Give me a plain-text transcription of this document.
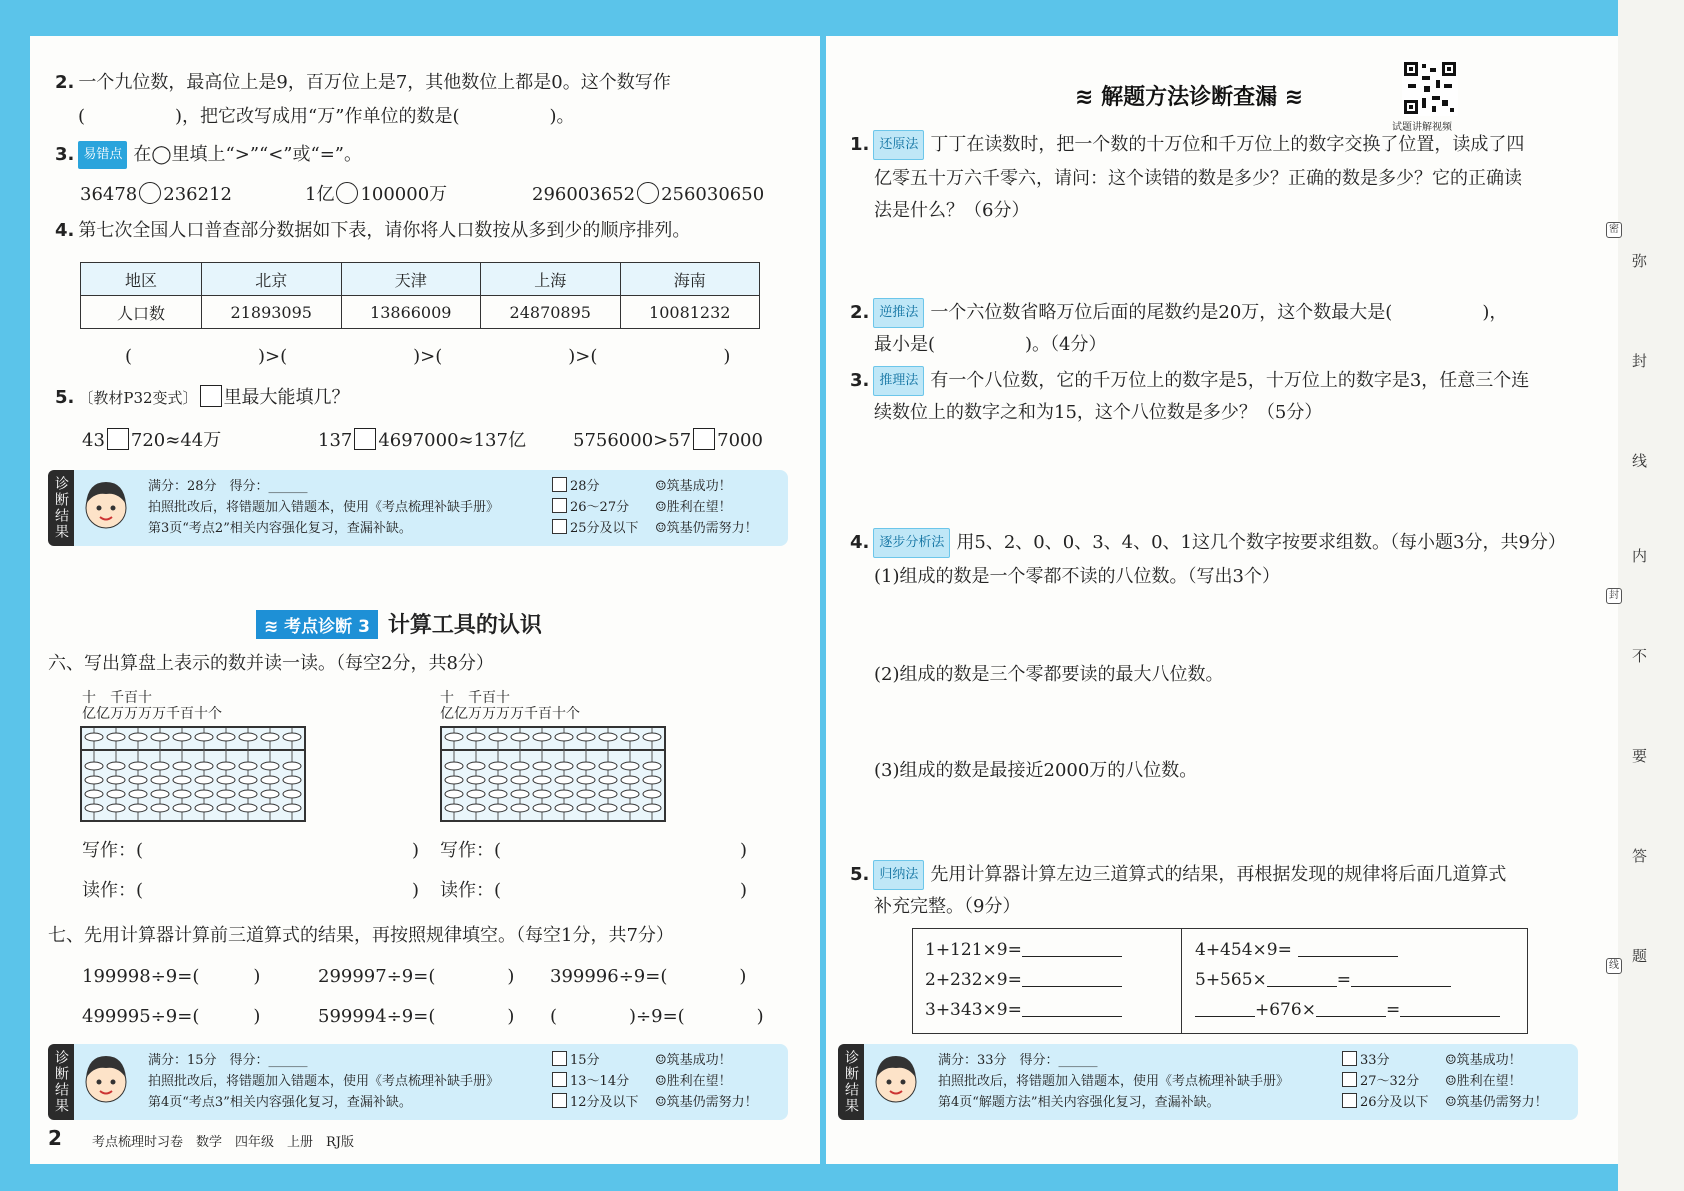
2. 一个九位数，最高位上是9，百万位上是7，其他数位上都是0。这个数写作
(　　　　　)，把它改写成用“万”作单位的数是(　　　　　)。
3. 易错点 在◯里填上“>”“<”或“=”。
36478 236212	1亿 100000万	296003652 256030650
4. 第七次全国人口普查部分数据如下表，请你将人口数按从多到少的顺序排列。
地区	北京	天津	上海	海南
人口数	21893095	13866009	24870895	10081232
(　　　　　　　)>(　　　　　　　)>(　　　　　　　)>(　　　　　　　)
5. 〔教材P32变式〕 里最大能填几？
43 720≈44万	137 4697000≈137亿	5756000>57 7000
诊断结果	满分：28分　得分：______
拍照批改后，将错题加入错题本，使用《考点梳理补缺手册》
第3页“考点2”相关内容强化复习，查漏补缺。
28分	☺筑基成功！
26～27分 ☺胜利在望！
25分及以下 ☺筑基仍需努力！
≋ 考点诊断 3 计算工具的认识
六、写出算盘上表示的数并读一读。（每空2分，共8分）
十　千百十
亿亿万万万万千百十个
十　千百十
亿亿万万万万千百十个
写作：(	) 写作：(	)
读作：(	) 读作：(	)
七、先用计算器计算前三道算式的结果，再按照规律填空。（每空1分，共7分）
199998÷9=(　　　)	299997÷9=(　　　　) 399996÷9=(　　　　)
499995÷9=(　　　)	599994÷9=(　　　　) (　　　　)÷9=(　　　　)
诊断结果	满分：15分　得分：______
拍照批改后，将错题加入错题本，使用《考点梳理补缺手册》
第4页“考点3”相关内容强化复习，查漏补缺。
15分	☺筑基成功！
13～14分 ☺胜利在望！
12分及以下 ☺筑基仍需努力！
2 考点梳理时习卷　数学　四年级　上册　RJ版
≋ 解题方法诊断查漏 ≋
试题讲解视频
1. 还原法 丁丁在读数时，把一个数的十万位和千万位上的数字交换了位置，读成了四
亿零五十万六千零六，请问：这个读错的数是多少？正确的数是多少？它的正确读
法是什么？（6分）
2. 逆推法 一个六位数省略万位后面的尾数约是20万，这个数最大是(　　　　　)，
最小是(　　　　　)。（4分）
3. 推理法 有一个八位数，它的千万位上的数字是5，十万位上的数字是3，任意三个连
续数位上的数字之和为15，这个八位数是多少？（5分）
4. 逐步分析法 用5、2、0、0、3、4、0、1这几个数字按要求组数。（每小题3分，共9分）
(1)组成的数是一个零都不读的八位数。（写出3个）
(2)组成的数是三个零都要读的最大八位数。
(3)组成的数是最接近2000万的八位数。
5. 归纳法 先用计算器计算左边三道算式的结果，再根据发现的规律将后面几道算式
补充完整。（9分）
1+121×9=
2+232×9=
3+343×9=
4+454×9=
5+565×	=
+676×	=
诊断结果	满分：33分　得分：______
拍照批改后，将错题加入错题本，使用《考点梳理补缺手册》
第4页“解题方法”相关内容强化复习，查漏补缺。
33分	☺筑基成功！
27～32分 ☺胜利在望！
26分及以下 ☺筑基仍需努力！
密
封
线
弥
封
线
内
不
要
答
题
